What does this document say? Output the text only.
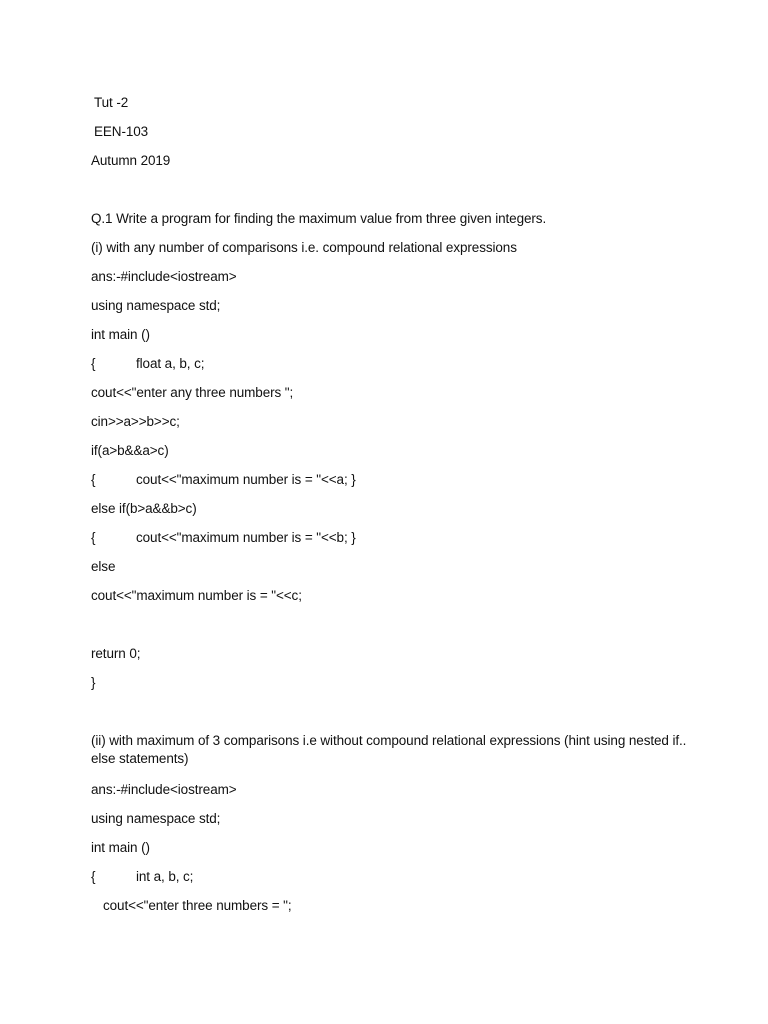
Tut -2
EEN-103
Autumn 2019
Q.1 Write a program for finding the maximum value from three given integers.
(i) with any number of comparisons i.e. compound relational expressions
ans:-#include<iostream>
using namespace std;
int main ()
{	float a, b, c;
cout<<"enter any three numbers ";
cin>>a>>b>>c;
if(a>b&&a>c)
{	cout<<"maximum number is = "<<a; }
else if(b>a&&b>c)
{	cout<<"maximum number is = "<<b; }
else
cout<<"maximum number is = "<<c;
return 0;
}
(ii) with maximum of 3 comparisons i.e without compound relational expressions (hint using nested if.. else statements)
ans:-#include<iostream>
using namespace std;
int main ()
{	int a, b, c;
cout<<"enter three numbers = ";
